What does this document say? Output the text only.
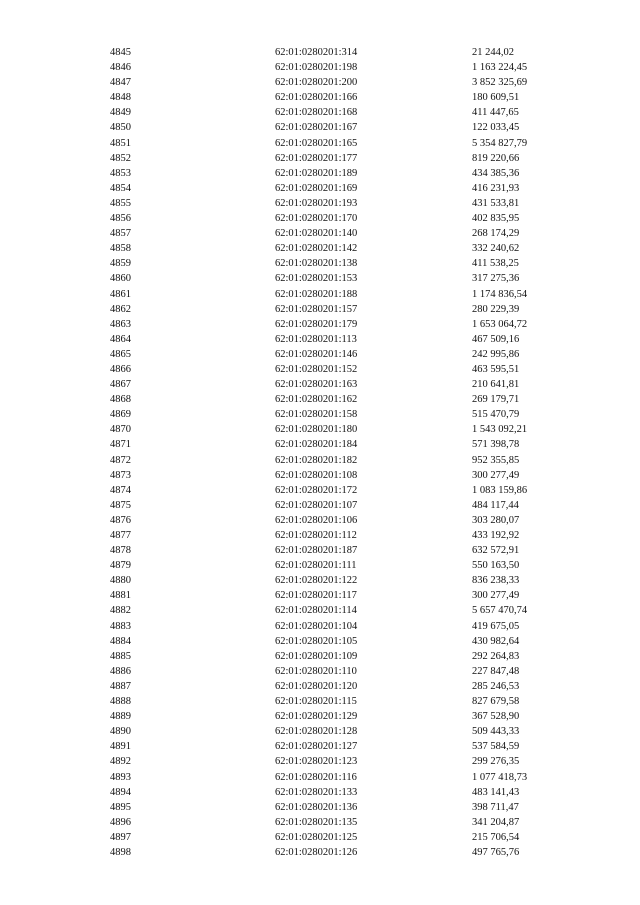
4845	62:01:0280201:314	21 244,02
4846	62:01:0280201:198	1 163 224,45
4847	62:01:0280201:200	3 852 325,69
4848	62:01:0280201:166	180 609,51
4849	62:01:0280201:168	411 447,65
4850	62:01:0280201:167	122 033,45
4851	62:01:0280201:165	5 354 827,79
4852	62:01:0280201:177	819 220,66
4853	62:01:0280201:189	434 385,36
4854	62:01:0280201:169	416 231,93
4855	62:01:0280201:193	431 533,81
4856	62:01:0280201:170	402 835,95
4857	62:01:0280201:140	268 174,29
4858	62:01:0280201:142	332 240,62
4859	62:01:0280201:138	411 538,25
4860	62:01:0280201:153	317 275,36
4861	62:01:0280201:188	1 174 836,54
4862	62:01:0280201:157	280 229,39
4863	62:01:0280201:179	1 653 064,72
4864	62:01:0280201:113	467 509,16
4865	62:01:0280201:146	242 995,86
4866	62:01:0280201:152	463 595,51
4867	62:01:0280201:163	210 641,81
4868	62:01:0280201:162	269 179,71
4869	62:01:0280201:158	515 470,79
4870	62:01:0280201:180	1 543 092,21
4871	62:01:0280201:184	571 398,78
4872	62:01:0280201:182	952 355,85
4873	62:01:0280201:108	300 277,49
4874	62:01:0280201:172	1 083 159,86
4875	62:01:0280201:107	484 117,44
4876	62:01:0280201:106	303 280,07
4877	62:01:0280201:112	433 192,92
4878	62:01:0280201:187	632 572,91
4879	62:01:0280201:111	550 163,50
4880	62:01:0280201:122	836 238,33
4881	62:01:0280201:117	300 277,49
4882	62:01:0280201:114	5 657 470,74
4883	62:01:0280201:104	419 675,05
4884	62:01:0280201:105	430 982,64
4885	62:01:0280201:109	292 264,83
4886	62:01:0280201:110	227 847,48
4887	62:01:0280201:120	285 246,53
4888	62:01:0280201:115	827 679,58
4889	62:01:0280201:129	367 528,90
4890	62:01:0280201:128	509 443,33
4891	62:01:0280201:127	537 584,59
4892	62:01:0280201:123	299 276,35
4893	62:01:0280201:116	1 077 418,73
4894	62:01:0280201:133	483 141,43
4895	62:01:0280201:136	398 711,47
4896	62:01:0280201:135	341 204,87
4897	62:01:0280201:125	215 706,54
4898	62:01:0280201:126	497 765,76
